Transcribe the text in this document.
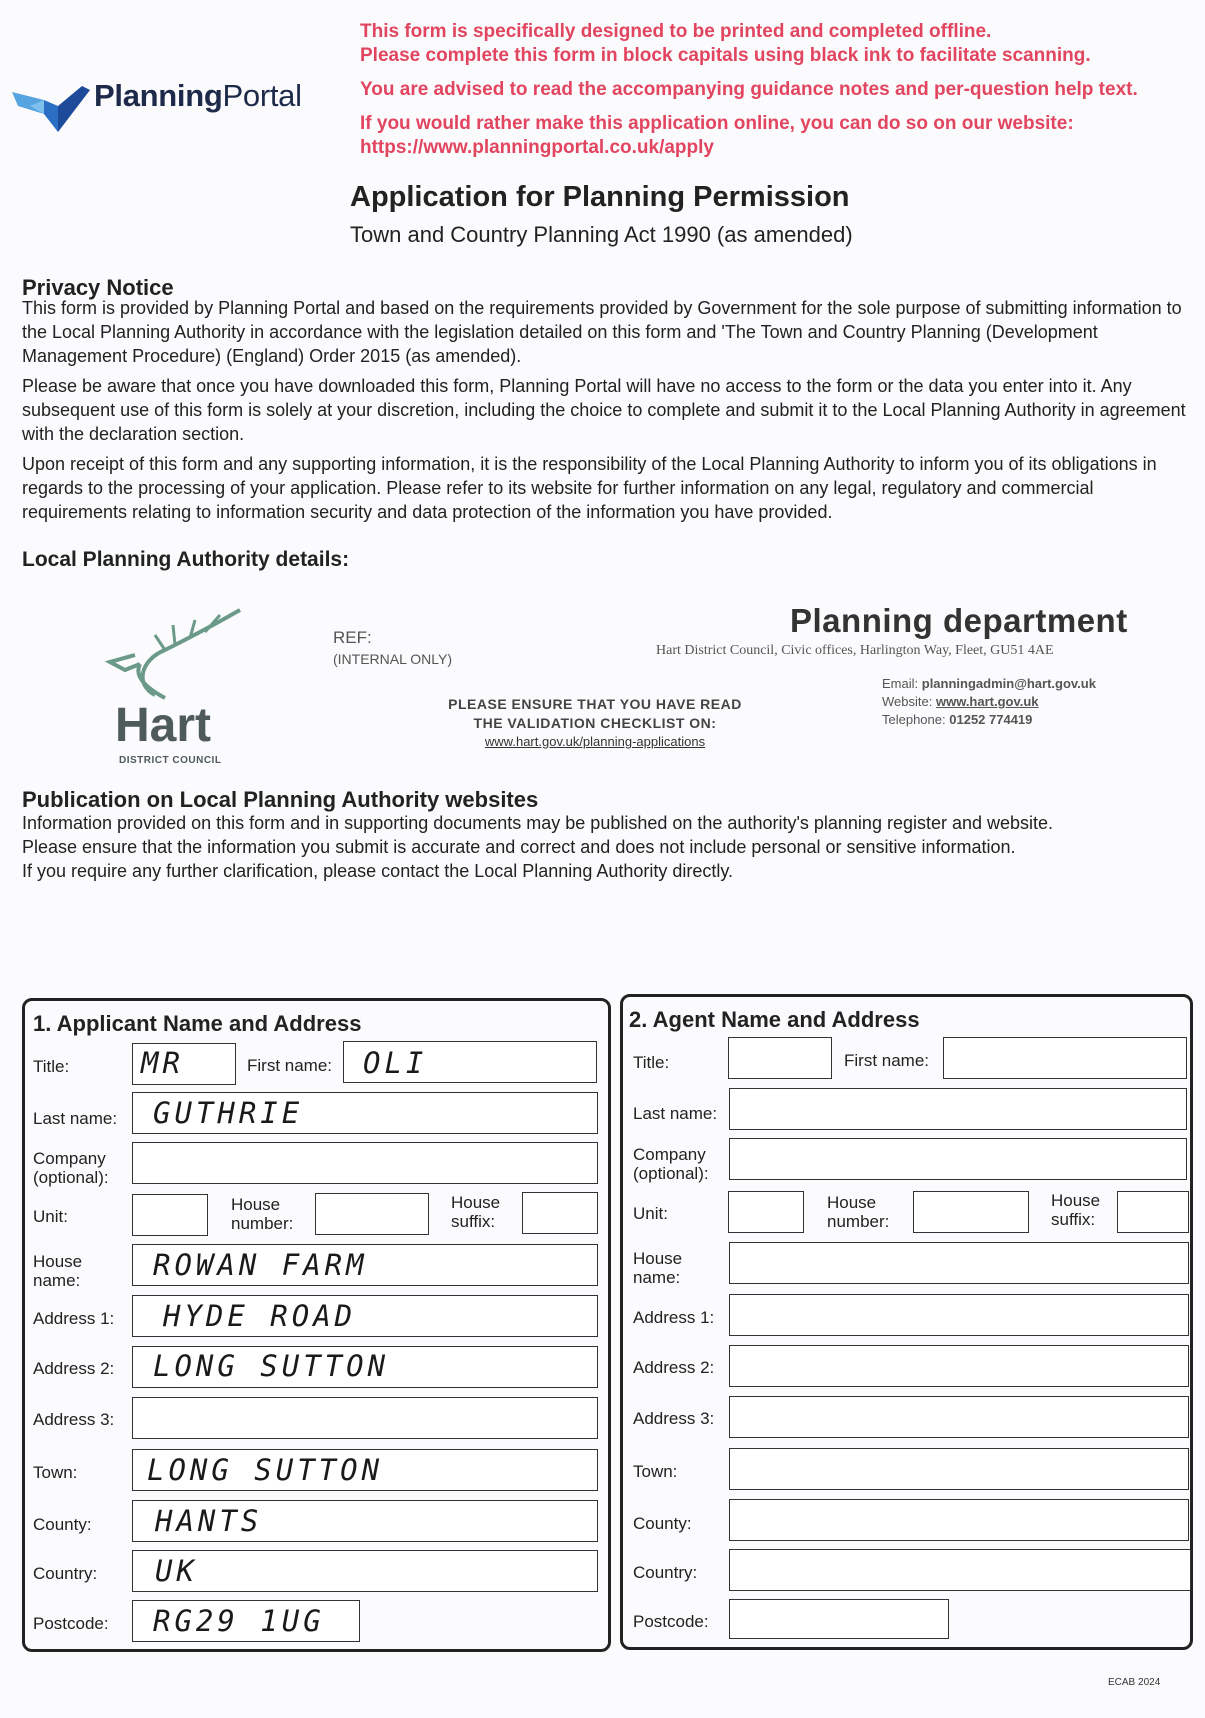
PlanningPortal
This form is specifically designed to be printed and completed offline.
Please complete this form in block capitals using black ink to facilitate scanning.
You are advised to read the accompanying guidance notes and per-question help text.
If you would rather make this application online, you can do so on our website:
https://www.planningportal.co.uk/apply
Application for Planning Permission
Town and Country Planning Act 1990 (as amended)
Privacy Notice

This form is provided by Planning Portal and based on the requirements provided by Government for the sole purpose of submitting information to the Local Planning Authority in accordance with the legislation detailed on this form and 'The Town and Country Planning (Development Management Procedure) (England) Order 2015 (as amended).

Please be aware that once you have downloaded this form, Planning Portal will have no access to the form or the data you enter into it. Any subsequent use of this form is solely at your discretion, including the choice to complete and submit it to the Local Planning Authority in agreement with the declaration section.

Upon receipt of this form and any supporting information, it is the responsibility of the Local Planning Authority to inform you of its obligations in regards to the processing of your application. Please refer to its website for further information on any legal, regulatory and commercial requirements relating to information security and data protection of the information you have provided.

Local Planning Authority details:
Hart
DISTRICT COUNCIL
REF:
(INTERNAL ONLY)
PLEASE ENSURE THAT YOU HAVE READ
THE VALIDATION CHECKLIST ON:
www.hart.gov.uk/planning-applications
Planning department
Hart District Council, Civic offices, Harlington Way, Fleet, GU51 4AE
Email: planningadmin@hart.gov.uk
Website: www.hart.gov.uk
Telephone: 01252 774419
Publication on Local Planning Authority websites

Information provided on this form and in supporting documents may be published on the authority's planning register and website.

Please ensure that the information you submit is accurate and correct and does not include personal or sensitive information.

If you require any further clarification, please contact the Local Planning Authority directly.

1. Applicant Name and Address
Title: MR	First name: OLI
Last name: GUTHRIE
Company
(optional):
Unit:
House
number:
House
suffix:
House
name:	ROWAN FARM
Address 1: HYDE ROAD
Address 2: LONG SUTTON
Address 3:
Town: LONG SUTTON
County: HANTS
Country: UK
Postcode: RG29 1UG
2. Agent Name and Address
Title:	First name:
Last name:
Company
(optional):
Unit:
House
number:
House
suffix:
House
name:
Address 1:
Address 2:
Address 3:
Town:
County:
Country:
Postcode:
ECAB 2024
